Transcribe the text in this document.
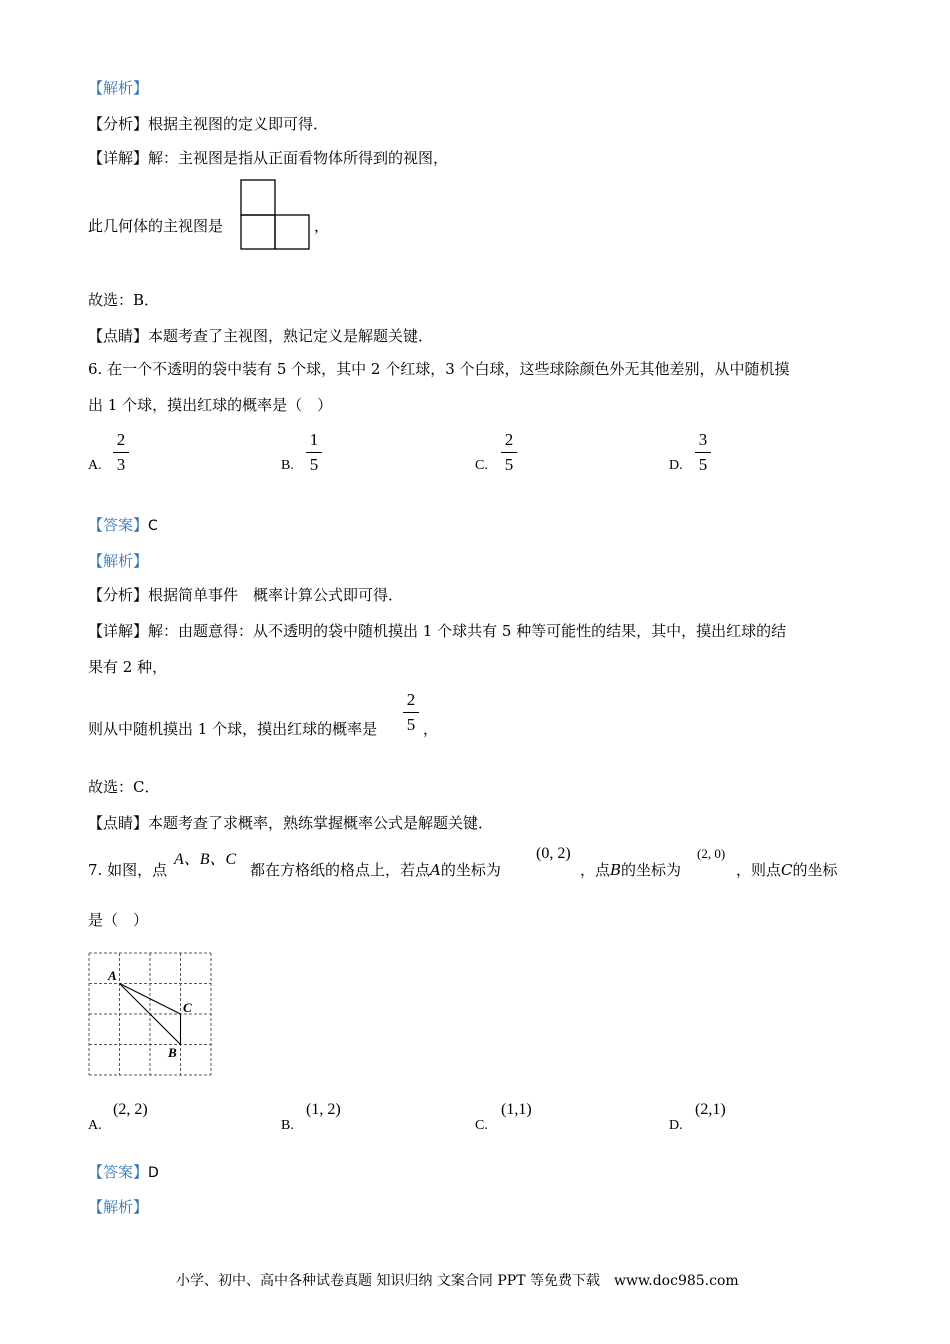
【解析】
【分析】根据主视图的定义即可得．
【详解】解：主视图是指从正面看物体所得到的视图，
此几何体的主视图是	，
故选：B．
【点睛】本题考查了主视图，熟记定义是解题关键．
6. 在一个不透明的袋中装有 5 个球，其中 2 个红球，3 个白球，这些球除颜色外无其他差别，从中随机摸
出 1 个球，摸出红球的概率是（　）
A.
2
3	B.
1
5	C.
2
5	D.
3
5
【答案】C
【解析】
【分析】根据简单事件　概率计算公式即可得．
【详解】解：由题意得：从不透明的袋中随机摸出 1 个球共有 5 种等可能性的结果，其中，摸出红球的结
果有 2 种，
则从中随机摸出 1 个球，摸出红球的概率是
2
5 ，
故选：C．
【点睛】本题考查了求概率，熟练掌握概率公式是解题关键．
7. 如图，点
A、B、C
都在方格纸的格点上，若点A的坐标为
(0, 2)
，点B的坐标为
(2, 0)
，则点C的坐标
是（　）
A
C
B
A.
(2, 2)
B.
(1, 2)
C.
(1,1)
D.
(2,1)
【答案】D
【解析】
小学、初中、高中各种试卷真题 知识归纳 文案合同 PPT 等免费下载　www.doc985.com
